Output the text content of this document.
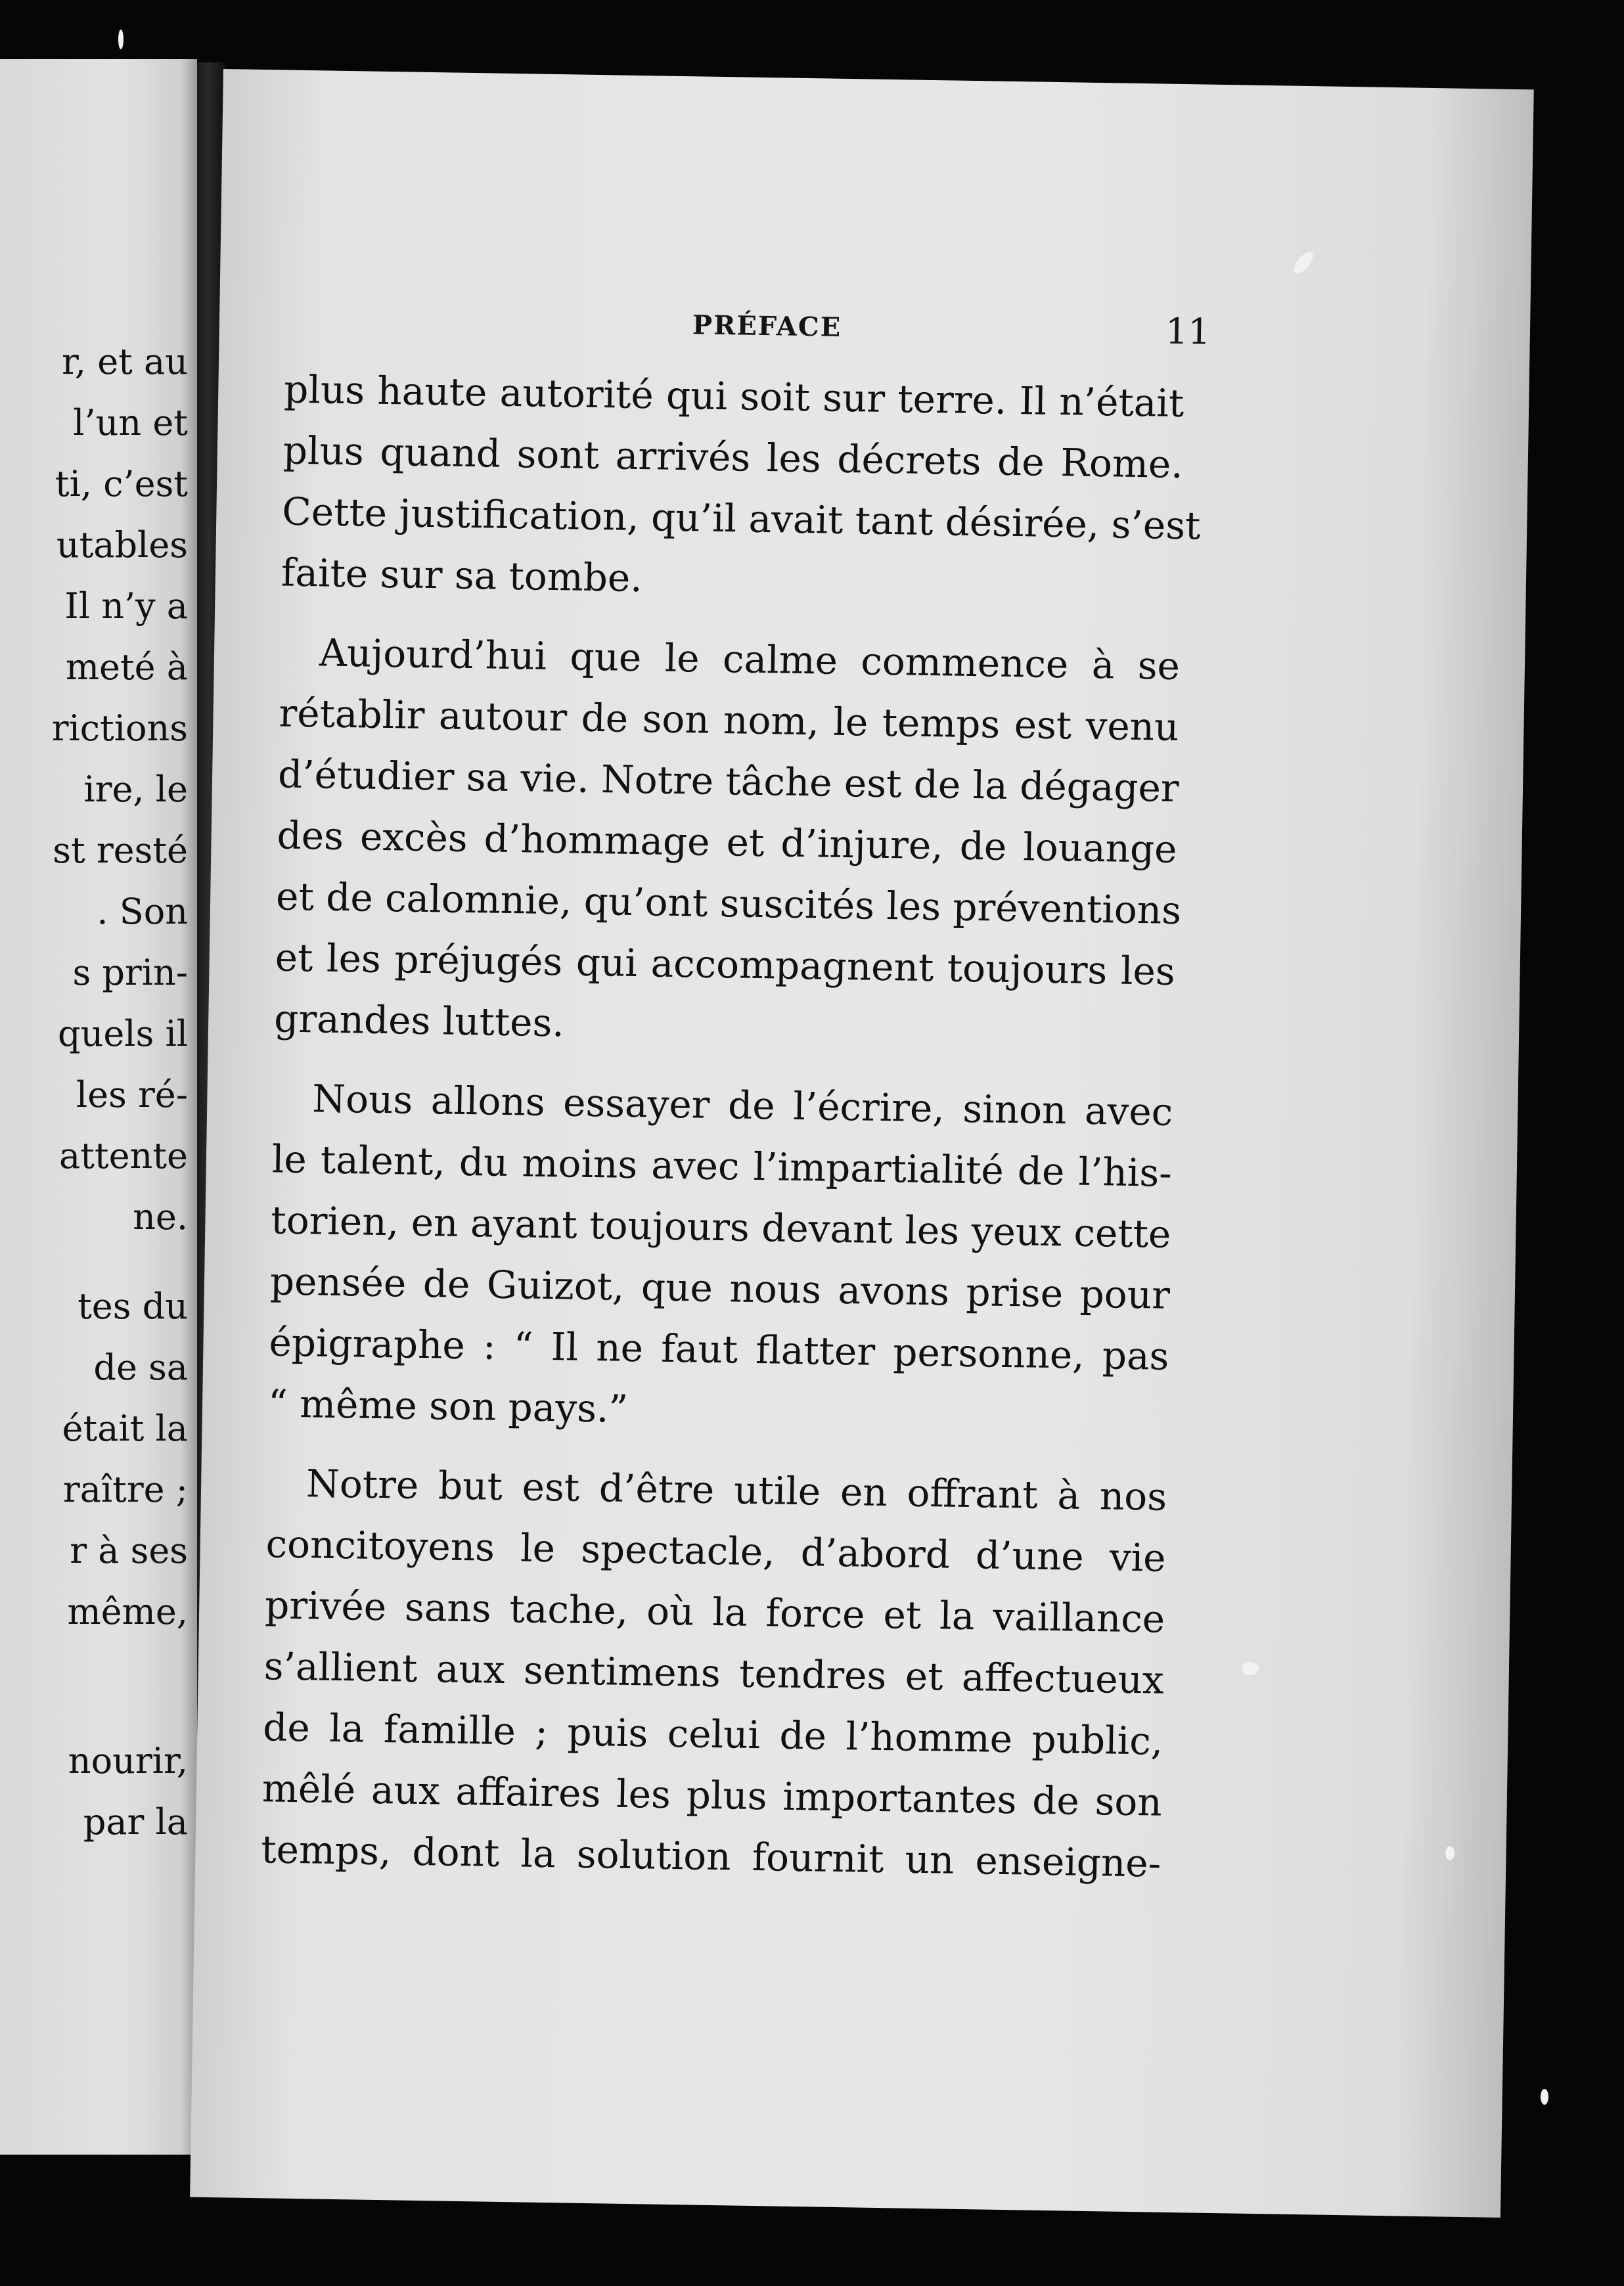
r, et au
l’un et
ti, c’est
utables
Il n’y a
meté à
rictions
ire, le
st resté
. Son
s prin-
quels il
les ré-
attente
ne.
tes du
de sa
était la
raître ;
r à ses
même,
nourir,
par la
PRÉFACE	11
plus haute autorité qui soit sur terre. Il n’était
plus quand sont arrivés les décrets de Rome.
Cette justification, qu’il avait tant désirée, s’est
faite sur sa tombe.
Aujourd’hui que le calme commence à se
rétablir autour de son nom, le temps est venu
d’étudier sa vie. Notre tâche est de la dégager
des excès d’hommage et d’injure, de louange
et de calomnie, qu’ont suscités les préventions
et les préjugés qui accompagnent toujours les
grandes luttes.
Nous allons essayer de l’écrire, sinon avec
le talent, du moins avec l’impartialité de l’his-
torien, en ayant toujours devant les yeux cette
pensée de Guizot, que nous avons prise pour
épigraphe : “ Il ne faut flatter personne, pas
“ même son pays.”
Notre but est d’être utile en offrant à nos
concitoyens le spectacle, d’abord d’une vie
privée sans tache, où la force et la vaillance
s’allient aux sentimens tendres et affectueux
de la famille ; puis celui de l’homme public,
mêlé aux affaires les plus importantes de son
temps, dont la solution fournit un enseigne-
